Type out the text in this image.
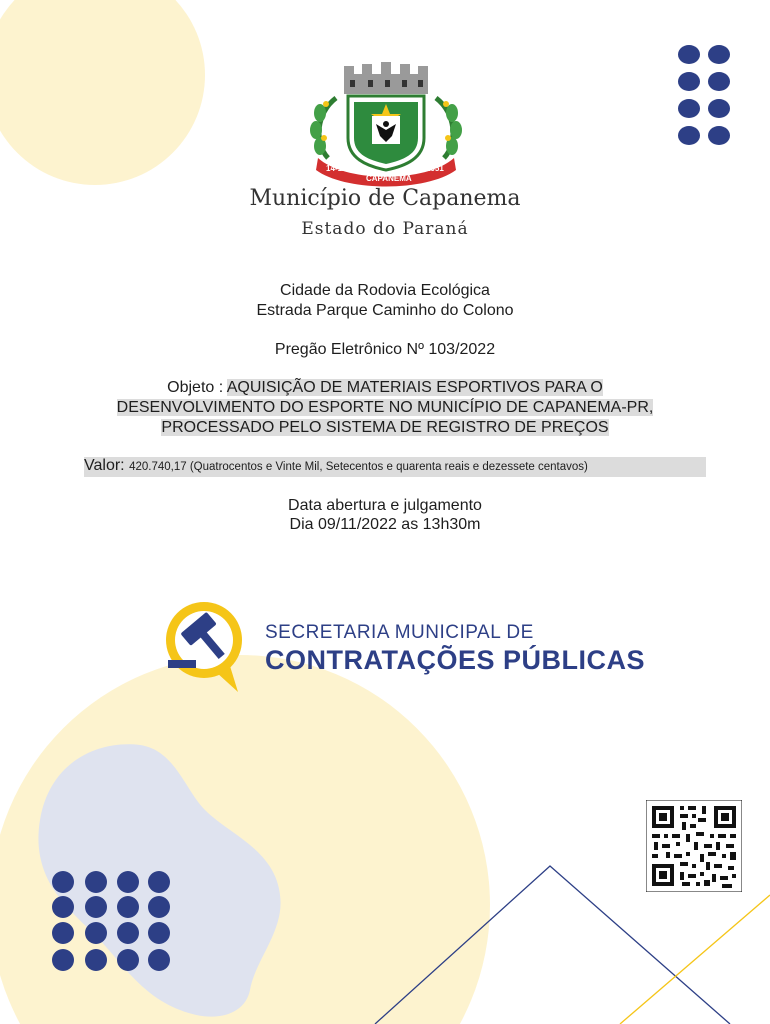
14-11
CAPANEMA
1951
Município de Capanema
Estado do Paraná
Cidade da Rodovia Ecológica
Estrada Parque Caminho do Colono
Pregão Eletrônico Nº 103/2022
Objeto : AQUISIÇÃO DE MATERIAIS ESPORTIVOS PARA O
DESENVOLVIMENTO DO ESPORTE NO MUNICÍPIO DE CAPANEMA-PR,
PROCESSADO PELO SISTEMA DE REGISTRO DE PREÇOS
Valor: 420.740,17 (Quatrocentos e Vinte Mil, Setecentos e quarenta reais e dezessete centavos)
Data abertura e julgamento
Dia 09/11/2022 as 13h30m
SECRETARIA MUNICIPAL DE
CONTRATAÇÕES PÚBLICAS
